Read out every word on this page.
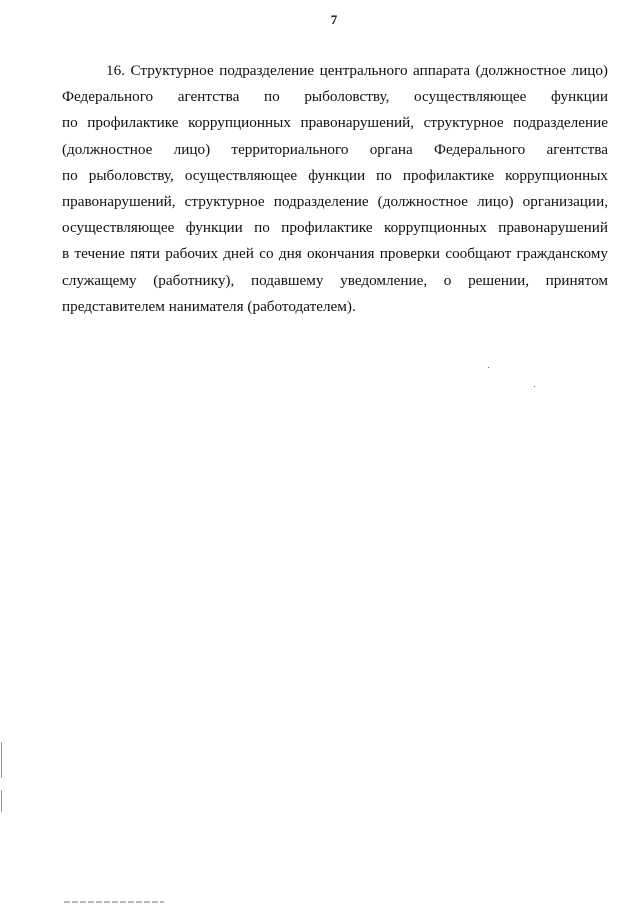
7
16. Структурное подразделение центрального аппарата (должностное лицо)
Федерального агентства по рыболовству, осуществляющее функции
по профилактике коррупционных правонарушений, структурное подразделение
(должностное лицо) территориального органа Федерального агентства
по рыболовству, осуществляющее функции по профилактике коррупционных
правонарушений, структурное подразделение (должностное лицо) организации,
осуществляющее функции по профилактике коррупционных правонарушений
в течение пяти рабочих дней со дня окончания проверки сообщают гражданскому
служащему (работнику), подавшему уведомление, о решении, принятом
представителем нанимателя (работодателем).
